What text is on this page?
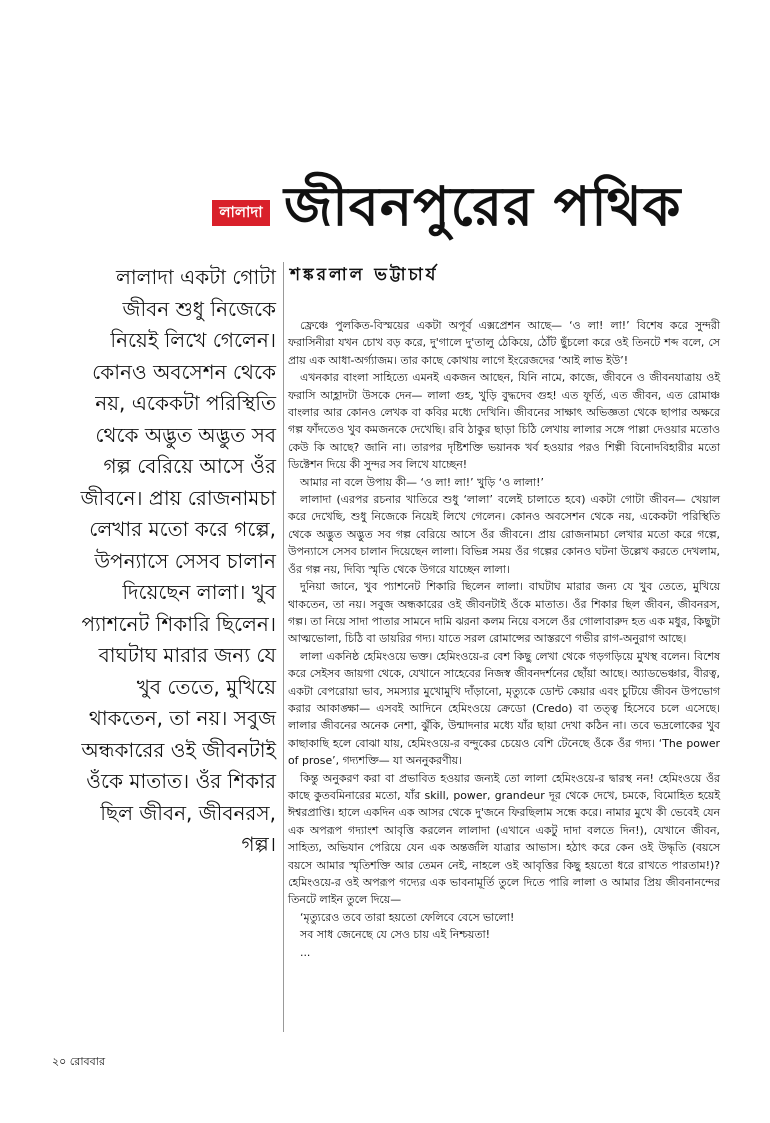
লালাদা জীবনপুরের পথিক
শঙ্করলাল ভট্টাচার্য

লালাদা একটা গোটা জীবন শুধু নিজেকে নিয়েই লিখে গেলেন। কোনও অবসেশন থেকে নয়, একেকটা পরিস্থিতি থেকে অদ্ভুত অদ্ভুত সব গল্প বেরিয়ে আসে ওঁর জীবনে। প্রায় রোজনামচা লেখার মতো করে গল্পে, উপন্যাসে সেসব চালান দিয়েছেন লালা। খুব প্যাশনেট শিকারি ছিলেন। বাঘটাঘ মারার জন্য যে খুব তেতে, মুখিয়ে থাকতেন, তা নয়। সবুজ অন্ধকারের ওই জীবনটাই ওঁকে মাতাত। ওঁর শিকার ছিল জীবন, জীবনরস, গল্প।

ফ্রেঞ্চে পুলকিত-বিস্ময়ের একটা অপূর্ব এক্সপ্রেশন আছে— ‘ও লা! লা!’ বিশেষ করে সুন্দরী ফরাসিনীরা যখন চোখ বড় করে, দু'গালে দু'তালু ঠেকিয়ে, ঠোঁট ছুঁচলো করে ওই তিনটে শব্দ বলে, সে প্রায় এক আধা-অর্গ্যাজম। তার কাছে কোথায় লাগে ইংরেজদের ‘আই লাভ ইউ’!

এখনকার বাংলা সাহিত্যে এমনই একজন আছেন, যিনি নামে, কাজে, জীবনে ও জীবনযাত্রায় ওই ফরাসি আহ্লাদটা উসকে দেন— লালা গুহ, খুড়ি বুদ্ধদেব গুহ! এত ফূর্তি, এত জীবন, এত রোমাঞ্চ বাংলার আর কোনও লেখক বা কবির মধ্যে দেখিনি। জীবনের সাক্ষাৎ অভিজ্ঞতা থেকে ছাপার অক্ষরে গল্প ফাঁদতেও খুব কমজনকে দেখেছি। রবি ঠাকুর ছাড়া চিঠি লেখায় লালার সঙ্গে পাল্লা দেওয়ার মতোও কেউ কি আছে? জানি না। তারপর দৃষ্টিশক্তি ভয়ানক খর্ব হওয়ার পরও শিল্পী বিনোদবিহারীর মতো ডিক্টেশন দিয়ে কী সুন্দর সব লিখে যাচ্ছেন!

আমার না বলে উপায় কী— ‘ও লা! লা!’ খুড়ি ‘ও লালা!’

লালাদা (এরপর রচনার খাতিরে শুধু ‘লালা’ বলেই চালাতে হবে) একটা গোটা জীবন— খেয়াল করে দেখেছি, শুধু নিজেকে নিয়েই লিখে গেলেন। কোনও অবসেশন থেকে নয়, একেকটা পরিস্থিতি থেকে অদ্ভুত অদ্ভুত সব গল্প বেরিয়ে আসে ওঁর জীবনে। প্রায় রোজনামচা লেখার মতো করে গল্পে, উপন্যাসে সেসব চালান দিয়েছেন লালা। বিভিন্ন সময় ওঁর গল্পের কোনও ঘটনা উল্লেখ করতে দেখলাম, ওঁর গল্প নয়, দিব্যি স্মৃতি থেকে উগরে যাচ্ছেন লালা।

দুনিয়া জানে, খুব প্যাশনেট শিকারি ছিলেন লালা। বাঘটাঘ মারার জন্য যে খুব তেতে, মুখিয়ে থাকতেন, তা নয়। সবুজ অন্ধকারের ওই জীবনটাই ওঁকে মাতাত। ওঁর শিকার ছিল জীবন, জীবনরস, গল্প। তা নিয়ে সাদা পাতার সামনে দামি ঝরনা কলম নিয়ে বসলে ওঁর গোলাবারুদ হত এক মধুর, কিছুটা আত্মভোলা, চিঠি বা ডায়রির গদ্য। যাতে সরল রোমান্সের আস্তরণে গভীর রাগ-অনুরাগ আছে।

লালা একনিষ্ঠ হেমিংওয়ে ভক্ত। হেমিংওয়ে-র বেশ কিছু লেখা থেকে গড়গড়িয়ে মুখস্থ বলেন। বিশেষ করে সেইসব জায়গা থেকে, যেখানে সাহেবের নিজস্ব জীবনদর্শনের ছোঁয়া আছে। অ্যাডভেঞ্চার, বীরত্ব, একটা বেপরোয়া ভাব, সমস্যার মুখোমুখি দাঁড়ানো, মৃত্যুকে ডোন্ট কেয়ার এবং চুটিয়ে জীবন উপভোগ করার আকাঙ্ক্ষা— এসবই আদিনে হেমিংওয়ে ক্রেডো (Credo) বা তত্ত্ব হিসেবে চলে এসেছে। লালার জীবনের অনেক নেশা, ঝুঁকি, উন্মাদনার মধ্যে যাঁর ছায়া দেখা কঠিন না। তবে ভদ্রলোকের খুব কাছাকাছি হলে বোঝা যায়, হেমিংওয়ে-র বন্দুকের চেয়েও বেশি টেনেছে ওঁকে ওঁর গদ্য। ‘The power of prose’, গদ্যশক্তি— যা অননুকরণীয়।

কিন্তু অনুকরণ করা বা প্রভাবিত হওয়ার জন্যই তো লালা হেমিংওয়ে-র দ্বারস্থ নন! হেমিংওয়ে ওঁর কাছে কুতবমিনারের মতো, যাঁর skill, power, grandeur দূর থেকে দেখে, চমকে, বিমোহিত হয়েই ঈশ্বরপ্রাপ্তি। হালে একদিন এক আসর থেকে দু'জনে ফিরছিলাম সন্ধে করে। নামার মুখে কী ভেবেই যেন এক অপরূপ গদ্যাংশ আবৃত্তি করলেন লালাদা (এখানে একটু দাদা বলতে দিন!), যেখানে জীবন, সাহিত্য, অভিযান পেরিয়ে যেন এক অন্তর্জলি যাত্রার আভাস। হঠাৎ করে কেন ওই উদ্ধৃতি (বয়সে বয়সে আমার স্মৃতিশক্তি আর তেমন নেই, নাহলে ওই আবৃত্তির কিছু হয়তো ধরে রাখতে পারতাম!)? হেমিংওয়ে-র ওই অপরূপ গদ্যের এক ভাবনামূর্তি তুলে দিতে পারি লালা ও আমার প্রিয় জীবনানন্দের তিনটে লাইন তুলে দিয়ে—

‘মৃত্যুরেও তবে তারা হয়তো ফেলিবে বেসে ভালো!

সব সাধ জেনেছে যে সেও চায় এই নিশ্চয়তা!

...

২০ রোববার
